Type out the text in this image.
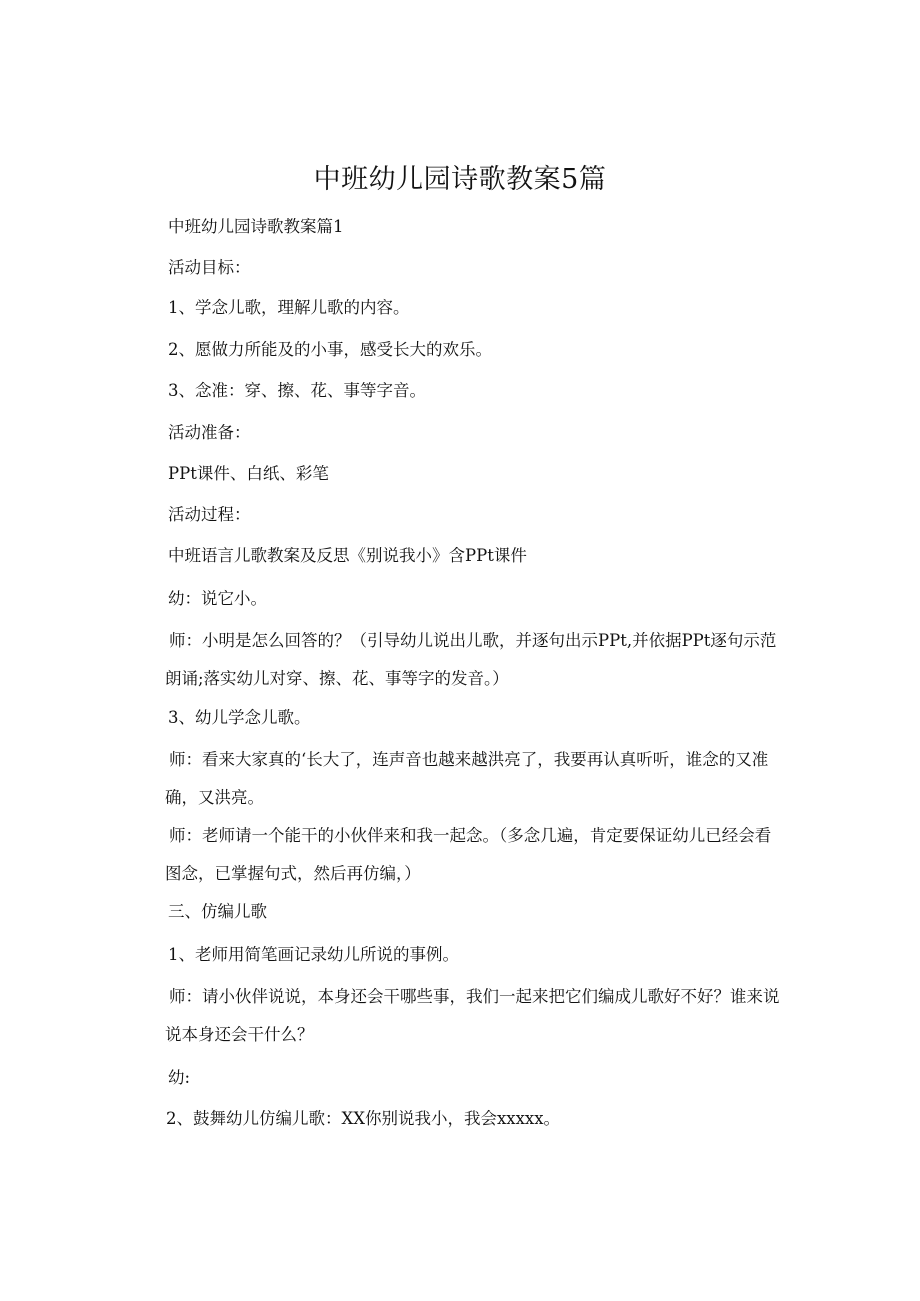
中班幼儿园诗歌教案5篇

中班幼儿园诗歌教案篇1

活动目标：

1、学念儿歌，理解儿歌的内容。

2、愿做力所能及的小事，感受长大的欢乐。

3、念准：穿、擦、花、事等字音。

活动准备：

PPt课件、白纸、彩笔

活动过程：

中班语言儿歌教案及反思《别说我小》含PPt课件

幼：说它小。

师：小明是怎么回答的？（引导幼儿说出儿歌，并逐句出示PPt,并依据PPt逐句示范朗诵;落实幼儿对穿、擦、花、事等字的发音。）

3、幼儿学念儿歌。

师：看来大家真的‘长大了，连声音也越来越洪亮了，我要再认真听听，谁念的又准确，又洪亮。

师：老师请一个能干的小伙伴来和我一起念。（多念几遍，肯定要保证幼儿已经会看图念，已掌握句式，然后再仿编，）

三、仿编儿歌

1、老师用简笔画记录幼儿所说的事例。

师：请小伙伴说说，本身还会干哪些事，我们一起来把它们编成儿歌好不好？谁来说说本身还会干什么？

幼:

2、鼓舞幼儿仿编儿歌：XX你别说我小，我会xxxxx。
